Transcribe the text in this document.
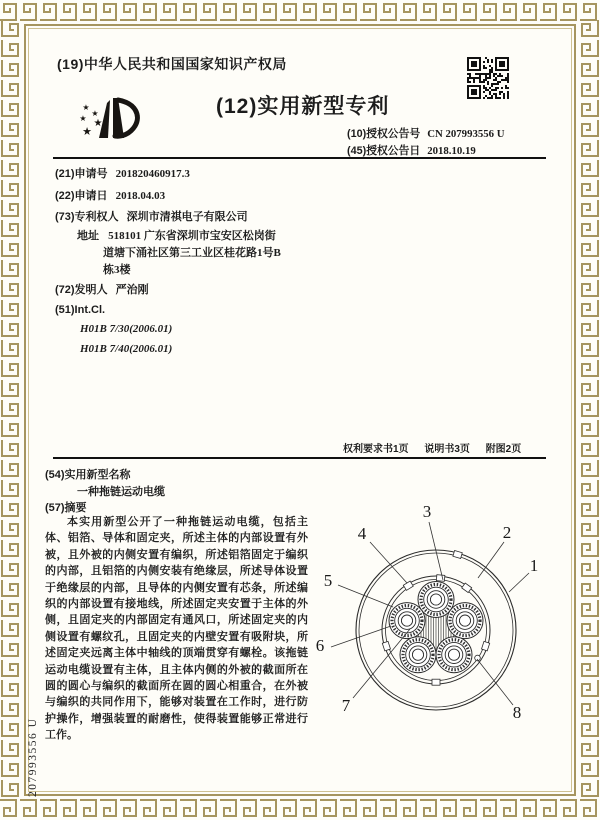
(19)中华人民共和国国家知识产权局
★
★
★ ★
★
(12)实用新型专利
(10)授权公告号 CN 207993556 U
(45)授权公告日 2018.10.19
(21)申请号 201820460917.3
(22)申请日 2018.04.03
(73)专利权人 深圳市清祺电子有限公司
地址 518101 广东省深圳市宝安区松岗街
道塘下涌社区第三工业区桂花路1号B
栋3楼
(72)发明人 严治刚
(51)Int.Cl.
H01B 7/30(2006.01)
H01B 7/40(2006.01)
权利要求书1页 说明书3页 附图2页
(54)实用新型名称
一种拖链运动电缆
(57)摘要

本实用新型公开了一种拖链运动电缆，包括主体、铝箔、导体和固定夹，所述主体的内部设置有外被，且外被的内侧安置有编织，所述铝箔固定于编织的内部，且铝箔的内侧安装有绝缘层，所述导体设置于绝缘层的内部，且导体的内侧安置有芯条，所述编织的内部设置有接地线，所述固定夹安置于主体的外侧，且固定夹的内部固定有通风口，所述固定夹的内侧设置有螺纹孔，且固定夹的内壁安置有吸附块，所述固定夹远离主体中轴线的顶端贯穿有螺栓。该拖链运动电缆设置有主体，且主体内侧的外被的截面所在圆的圆心与编织的截面所在圆的圆心相重合，在外被与编织的共同作用下，能够对装置在工作时，进行防护操作，增强装置的耐磨性，使得装置能够正常进行工作。

207993556 U
1
2
3
4
5
6
7	8
